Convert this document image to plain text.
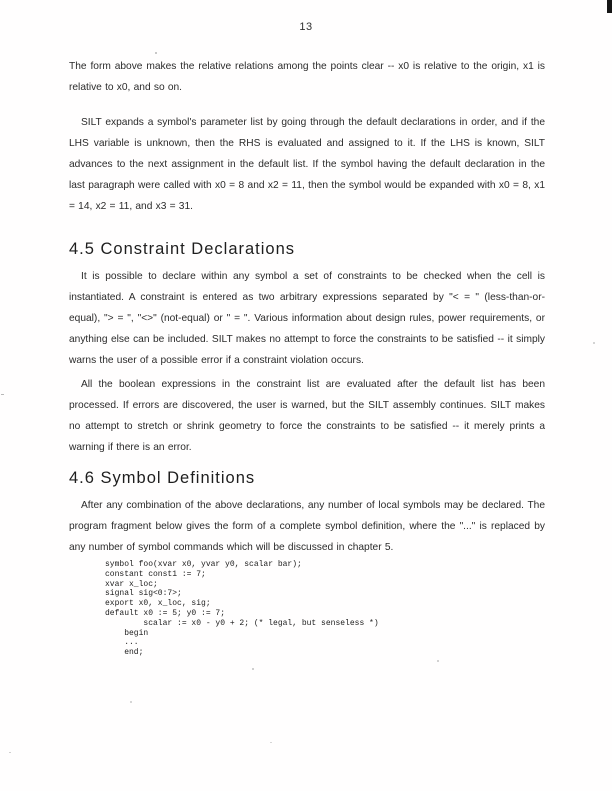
13

The form above makes the relative relations among the points clear -- x0 is relative to the origin, x1 is relative to x0, and so on.

SILT expands a symbol's parameter list by going through the default declarations in order, and if the LHS variable is unknown, then the RHS is evaluated and assigned to it. If the LHS is known, SILT advances to the next assignment in the default list. If the symbol having the default declaration in the last paragraph were called with x0 = 8 and x2 = 11, then the symbol would be expanded with x0 = 8, x1 = 14, x2 = 11, and x3 = 31.

4.5 Constraint Declarations

It is possible to declare within any symbol a set of constraints to be checked when the cell is instantiated. A constraint is entered as two arbitrary expressions separated by "< = " (less-than-or-equal), "> = ", "<>" (not-equal) or " = ". Various information about design rules, power requirements, or anything else can be included. SILT makes no attempt to force the constraints to be satisfied -- it simply warns the user of a possible error if a constraint violation occurs.

All the boolean expressions in the constraint list are evaluated after the default list has been processed. If errors are discovered, the user is warned, but the SILT assembly continues. SILT makes no attempt to stretch or shrink geometry to force the constraints to be satisfied -- it merely prints a warning if there is an error.

4.6 Symbol Definitions

After any combination of the above declarations, any number of local symbols may be declared. The program fragment below gives the form of a complete symbol definition, where the "..." is replaced by any number of symbol commands which will be discussed in chapter 5.

symbol foo(xvar x0, yvar y0, scalar bar);
constant const1 := 7;
xvar x_loc;
signal sig<0:7>;
export x0, x_loc, sig;
default x0 := 5; y0 := 7;
scalar := x0 - y0 + 2; (* legal, but senseless *)
begin
...
end;
